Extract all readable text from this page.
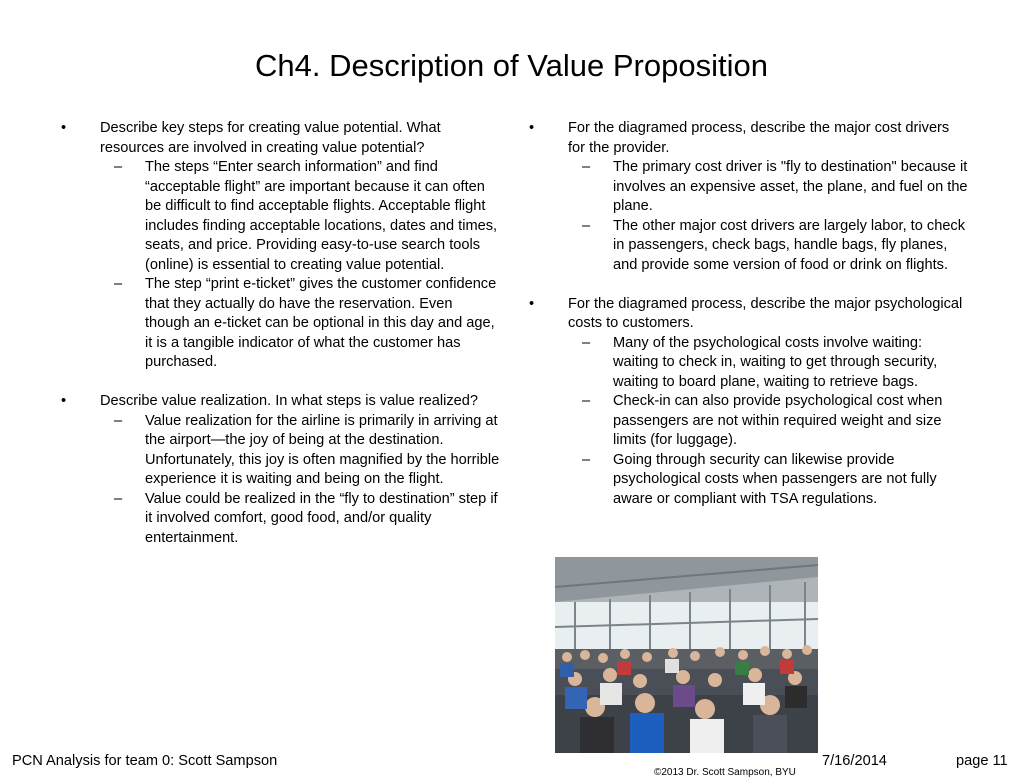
Ch4. Description of Value Proposition
•	Describe key steps for creating value potential. What resources are involved in creating value potential?
–	The steps “Enter search information” and find “acceptable flight” are important because it can often be difficult to find acceptable flights. Acceptable flight includes finding acceptable locations, dates and times, seats, and price. Providing easy-to-use search tools (online) is essential to creating value potential.
–	The step “print e-ticket” gives the customer confidence that they actually do have the reservation. Even though an e-ticket can be optional in this day and age, it is a tangible indicator of what the customer has purchased.
•	Describe value realization. In what steps is value realized?
–	Value realization for the airline is primarily in arriving at the airport—the joy of being at the destination. Unfortunately, this joy is often magnified by the horrible experience it is waiting and being on the flight.
–	Value could be realized in the “fly to destination” step if it involved comfort, good food, and/or quality entertainment.
•	For the diagramed process, describe the major cost drivers for the provider.
–	The primary cost driver is "fly to destination" because it involves an expensive asset, the plane, and fuel on the plane.
–	The other major cost drivers are largely labor, to check in passengers, check bags, handle bags, fly planes, and provide some version of food or drink on flights.
•	For the diagramed process, describe the major psychological costs to customers.
–	Many of the psychological costs involve waiting: waiting to check in, waiting to get through security, waiting to board plane, waiting to retrieve bags.
–	Check-in can also provide psychological cost when passengers are not within required weight and size limits (for luggage).
–	Going through security can likewise provide psychological costs when passengers are not fully aware or compliant with TSA regulations.
PCN Analysis for team 0: Scott Sampson	7/16/2014	page 11
©2013 Dr. Scott Sampson, BYU
